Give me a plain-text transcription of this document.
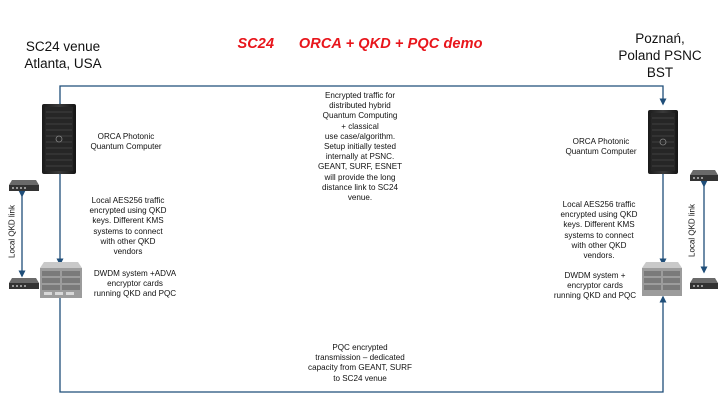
SC24      ORCA + QKD + PQC demo
SC24 venue
Atlanta, USA
Poznań,
Poland PSNC
BST
Local QKD link	Local QKD link
ORCA Photonic
Quantum Computer
Local AES256 traffic
encrypted using QKD
keys. Different KMS
systems to connect
with other QKD
vendors
DWDM system +ADVA
encryptor cards
running QKD and PQC
ORCA Photonic
Quantum Computer
Local AES256 traffic
encrypted using QKD
keys. Different KMS
systems to connect
with other QKD
vendors.
DWDM system +
encryptor cards
running QKD and PQC
Encrypted traffic for
distributed hybrid
Quantum Computing
+ classical
use case/algorithm.
Setup initially tested
internally at PSNC.
GEANT, SURF, ESNET
will provide the long
distance link to SC24
venue.
PQC encrypted
transmission – dedicated
capacity from GEANT, SURF
to SC24 venue
